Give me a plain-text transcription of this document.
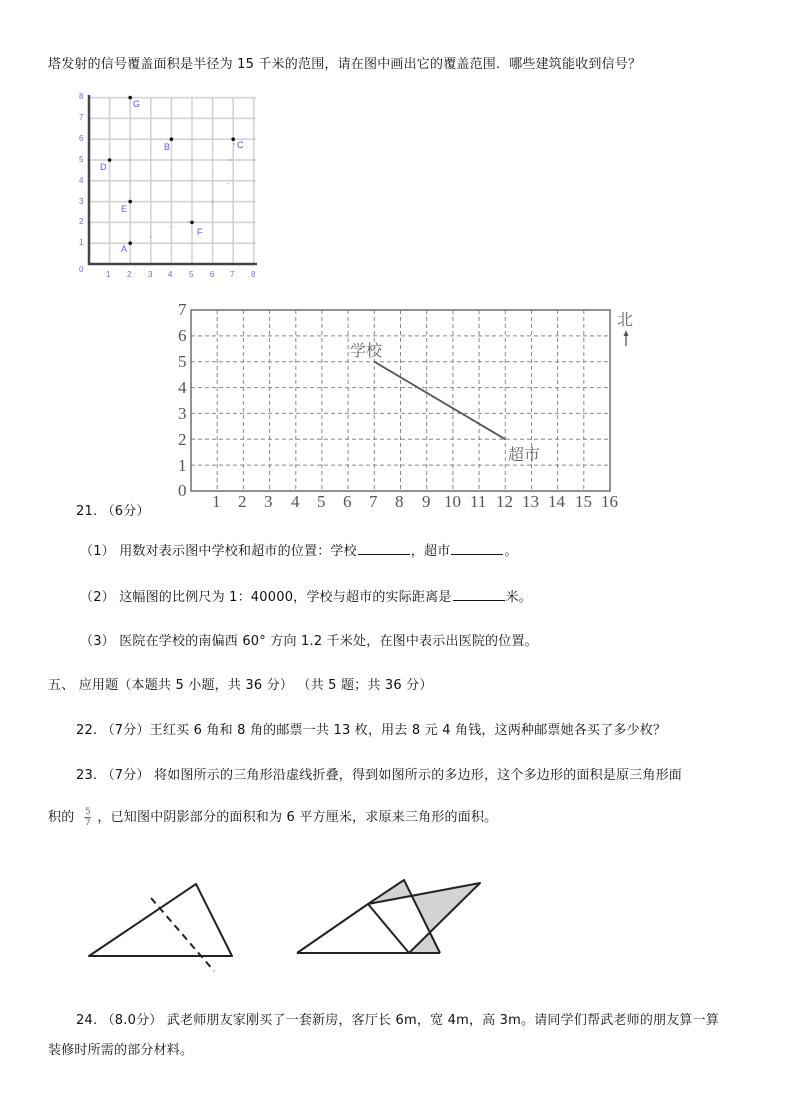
塔发射的信号覆盖面积是半径为 15 千米的范围，请在图中画出它的覆盖范围．哪些建筑能收到信号？
8
7
6
5
4
3
2
1
0
1 2 3 4 5 6 7 8
A
B	C
D
E
F
G
7
6
5
4
3
2
1
0
1 2 3 4 5 6 7 8 9 10 11 12 13 14 15 16
学校
超市
北
21. （6分）
（1） 用数对表示图中学校和超市的位置：学校	，超市	。
（2） 这幅图的比例尺为 1：40000，学校与超市的实际距离是	米。
（3） 医院在学校的南偏西 60° 方向 1.2 千米处，在图中表示出医院的位置。
五、 应用题（本题共 5 小题，共 36 分） （共 5 题；共 36 分）
22. （7分）王红买 6 角和 8 角的邮票一共 13 枚，用去 8 元 4 角钱，这两种邮票她各买了多少枚？
23. （7分） 将如图所示的三角形沿虚线折叠，得到如图所示的多边形，这个多边形的面积是原三角形面
积的 $\frac{5}{7}$ ，已知图中阴影部分的面积和为 6 平方厘米，求原来三角形的面积。
24. （8.0分） 武老师朋友家刚买了一套新房，客厅长 6m，宽 4m，高 3m。请同学们帮武老师的朋友算一算
装修时所需的部分材料。
